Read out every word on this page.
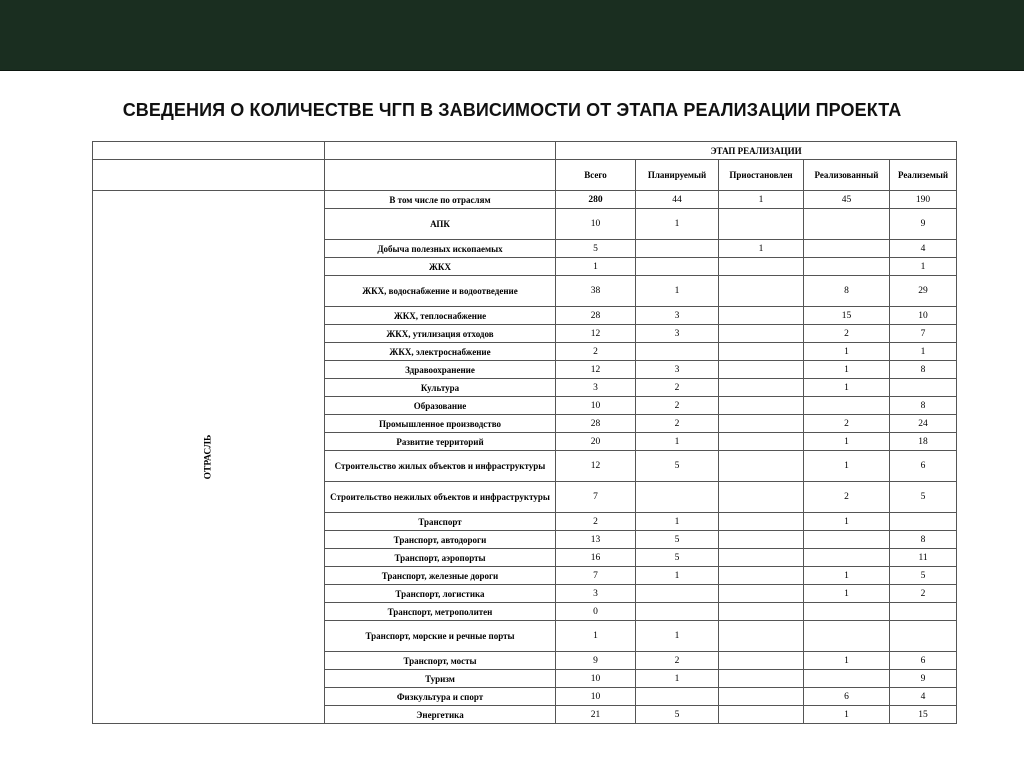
СВЕДЕНИЯ О КОЛИЧЕСТВЕ ЧГП В ЗАВИСИМОСТИ ОТ ЭТАПА РЕАЛИЗАЦИИ ПРОЕКТА
		ЭТАП РЕАЛИЗАЦИИ				
		Всего	Планируемый	Приостановлен	Реализованный	Реализемый
ОТРАСЛЬ	В том числе по отраслям	280	44	1	45	190
	АПК	10	1			9
	Добыча полезных ископаемых	5		1		4
	ЖКХ	1				1
	ЖКХ, водоснабжение и водоотведение	38	1		8	29
	ЖКХ, теплоснабжение	28	3		15	10
	ЖКХ, утилизация отходов	12	3		2	7
	ЖКХ, электроснабжение	2			1	1
	Здравоохранение	12	3		1	8
	Культура	3	2		1	
	Образование	10	2			8
	Промышленное производство	28	2		2	24
	Развитие территорий	20	1		1	18
	Строительство жилых объектов и инфраструктуры	12	5		1	6
	Строительство нежилых объектов и инфраструктуры	7			2	5
	Транспорт	2	1		1	
	Транспорт, автодороги	13	5			8
	Транспорт, аэропорты	16	5			11
	Транспорт, железные дороги	7	1		1	5
	Транспорт, логистика	3			1	2
	Транспорт, метрополитен	0				
	Транспорт, морские и речные порты	1	1			
	Транспорт, мосты	9	2		1	6
	Туризм	10	1			9
	Физкультура и спорт	10			6	4
	Энергетика	21	5		1	15
